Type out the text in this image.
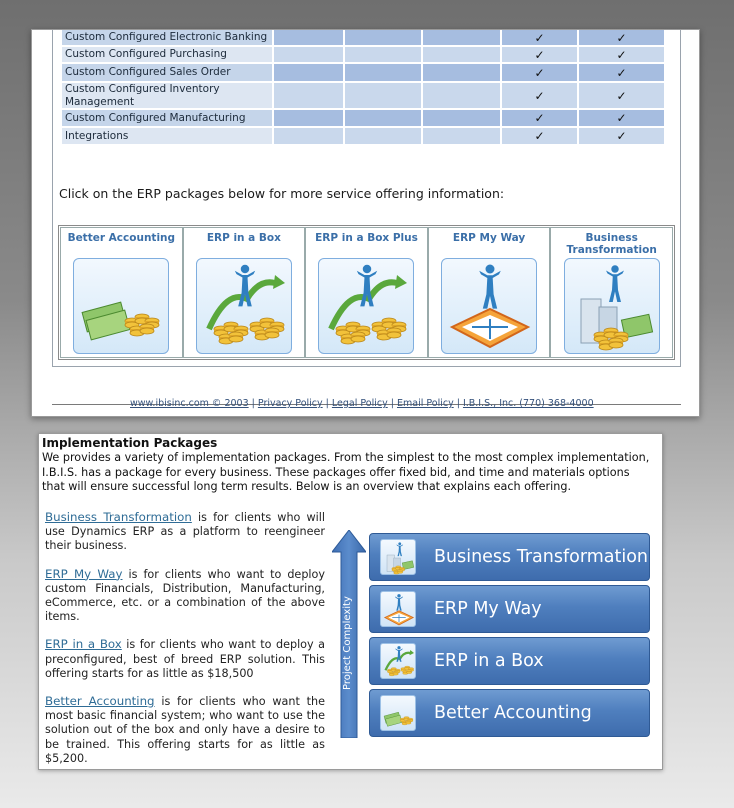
Custom Configured Electronic Banking	✓	✓
Custom Configured Purchasing	✓	✓
Custom Configured Sales Order	✓	✓
Custom Configured Inventory Management	✓	✓
Custom Configured Manufacturing	✓	✓
Integrations	✓	✓
Click on the ERP packages below for more service offering information:
Better Accounting	ERP in a Box	ERP in a Box Plus	ERP My Way	Business Transformation
www.ibisinc.com © 2003 | Privacy Policy | Legal Policy | Email Policy | I.B.I.S., Inc. (770) 368-4000
Implementation Packages
We provides a variety of implementation packages. From the simplest to the most complex implementation, I.B.I.S. has a package for every business. These packages offer fixed bid, and time and materials options that will ensure successful long term results. Below is an overview that explains each offering.

Business Transformation is for clients who will use Dynamics ERP as a platform to reengineer their business.

ERP My Way is for clients who want to deploy custom Financials, Distribution, Manufacturing, eCommerce, etc. or a combination of the above items.

ERP in a Box is for clients who want to deploy a preconfigured, best of breed ERP solution. This offering starts for as little as $18,500

Better Accounting is for clients who want the most basic financial system; who want to use the solution out of the box and only have a desire to be trained. This offering starts for as little as $5,200.

Project Complexity
Business Transformation
ERP My Way
ERP in a Box
Better Accounting
